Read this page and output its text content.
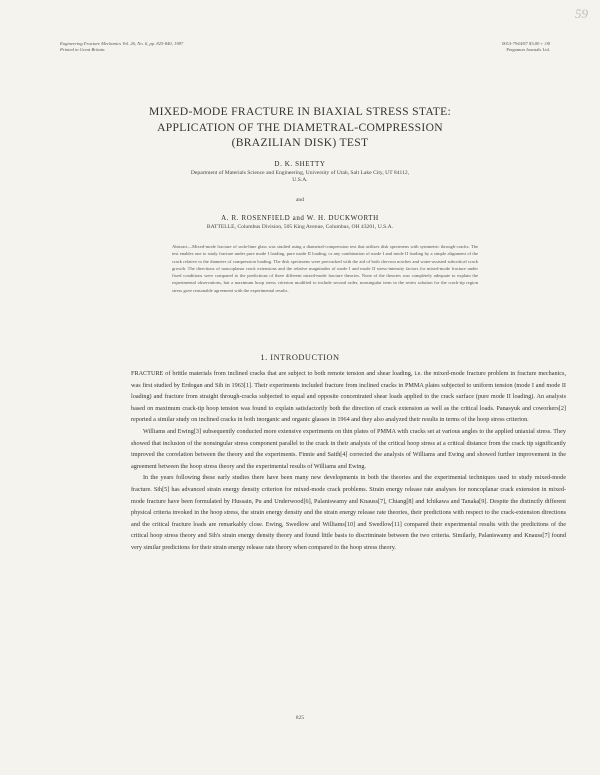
Engineering Fracture Mechanics Vol. 26, No. 6, pp. 825-840, 1987
Printed in Great Britain.
0013-7944/87 $3.00 + .00
Pergamon Journals Ltd.
59
MIXED-MODE FRACTURE IN BIAXIAL STRESS STATE:
APPLICATION OF THE DIAMETRAL-COMPRESSION
(BRAZILIAN DISK) TEST
D. K. SHETTY
Department of Materials Science and Engineering, University of Utah, Salt Lake City, UT 84112,
U.S.A.
and
A. R. ROSENFIELD and W. H. DUCKWORTH
BATTELLE, Columbus Division, 505 King Avenue, Columbus, OH 43201, U.S.A.
Abstract—Mixed-mode fracture of soda-lime glass was studied using a diametral-compression test that utilizes disk specimens with symmetric through-cracks. The test enables one to study fracture under pure mode I loading, pure mode II loading, or any combination of mode I and mode II loading by a simple alignment of the crack relative to the diameter of compression loading. The disk specimens were precracked with the aid of both chevron notches and water-assisted subcritical crack growth. The directions of noncoplanar crack extensions and the relative magnitudes of mode I and mode II stress-intensity factors for mixed-mode fracture under fixed conditions were compared to the predictions of three different mixed-mode fracture theories. None of the theories was completely adequate to explain the experimental observations, but a maximum hoop stress criterion modified to include second order, nonsingular term in the series solution for the crack-tip region stress gave reasonable agreement with the experimental results.
1. INTRODUCTION

FRACTURE of brittle materials from inclined cracks that are subject to both remote tension and shear loading, i.e. the mixed-mode fracture problem in fracture mechanics, was first studied by Erdogan and Sih in 1963[1]. Their experiments included fracture from inclined cracks in PMMA plates subjected to uniform tension (mode I and mode II loading) and fracture from straight through-cracks subjected to equal and opposite concentrated shear loads applied to the crack surface (pure mode II loading). An analysis based on maximum crack-tip hoop tension was found to explain satisfactorily both the direction of crack extension as well as the critical loads. Panasyuk and coworkers[2] reported a similar study on inclined cracks in both inorganic and organic glasses in 1964 and they also analyzed their results in terms of the hoop stress criterion.

Williams and Ewing[3] subsequently conducted more extensive experiments on thin plates of PMMA with cracks set at various angles to the applied uniaxial stress. They showed that inclusion of the nonsingular stress component parallel to the crack in their analysis of the critical hoop stress at a critical distance from the crack tip significantly improved the correlation between the theory and the experiments. Finnie and Saith[4] corrected the analysis of Williams and Ewing and showed further improvement in the agreement between the hoop stress theory and the experimental results of Williams and Ewing.

In the years following these early studies there have been many new developments in both the theories and the experimental techniques used to study mixed-mode fracture. Sih[5] has advanced strain energy density criterion for mixed-mode crack problems. Strain energy release rate analyses for noncoplanar crack extension in mixed-mode fracture have been formulated by Hussain, Pu and Underwood[6], Palaniswamy and Knauss[7], Chiang[8] and Ichikawa and Tanaka[9]. Despite the distinctly different physical criteria invoked in the hoop stress, the strain energy density and the strain energy release rate theories, their predictions with respect to the crack-extension directions and the critical fracture loads are remarkably close. Ewing, Swedlow and Williams[10] and Swedlow[11] compared their experimental results with the predictions of the critical hoop stress theory and Sih's strain energy density theory and found little basis to discriminate between the two criteria. Similarly, Palaniswamy and Knauss[7] found very similar predictions for their strain energy release rate theory when compared to the hoop stress theory.

825
